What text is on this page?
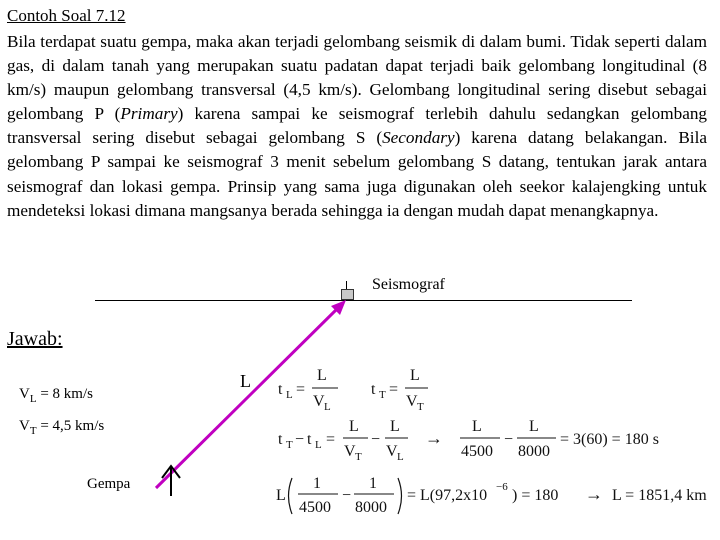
Contoh Soal 7.12
Bila terdapat suatu gempa, maka akan terjadi gelombang seismik di dalam bumi. Tidak seperti dalam gas, di dalam tanah yang merupakan suatu padatan dapat terjadi baik gelombang longitudinal (8 km/s) maupun gelombang transversal (4,5 km/s). Gelombang longitudinal sering disebut sebagai gelombang P (Primary) karena sampai ke seismograf terlebih dahulu sedangkan gelombang transversal sering disebut sebagai gelombang S (Secondary) karena datang belakangan. Bila gelombang P sampai ke seismograf 3 menit sebelum gelombang S datang, tentukan jarak antara seismograf dan lokasi gempa. Prinsip yang sama juga digunakan oleh seekor kalajengking untuk mendeteksi lokasi dimana mangsanya berada sehingga ia dengan mudah dapat menangkapnya.
Seismograf
Jawab:
$V_L = 8$ km/s
$V_T = 4,5$ km/s
Gempa
L t L =
L
V L
t T =
L
V T
t T − t L =
L
V T
−
L
V L
→
L
4500
−
L
8000
= 3(60) = 180 s
L
1
4500
−
1
8000
= L(97,2x10 −6 ) = 180 → L = 1851,4 km
